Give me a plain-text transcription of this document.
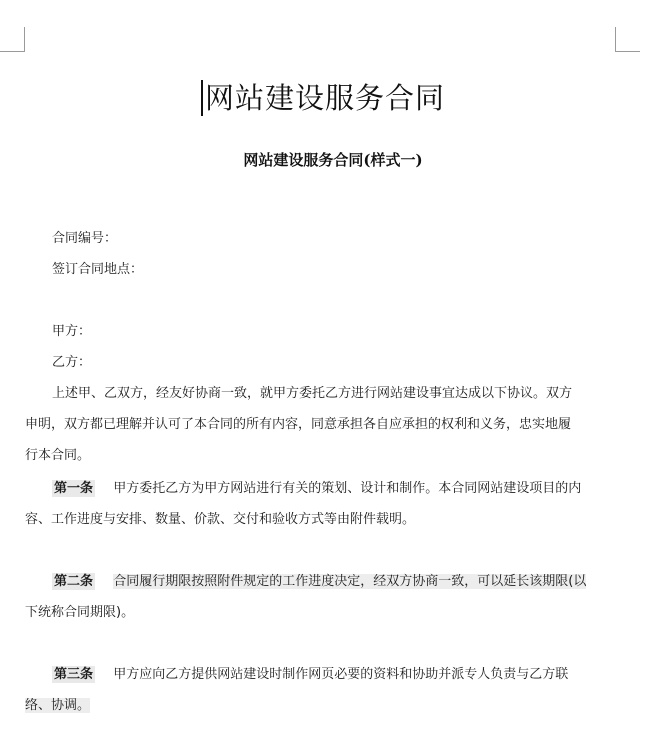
网站建设服务合同
网站建设服务合同(样式一)
合同编号：
签订合同地点：
甲方：
乙方：
上述甲、乙双方，经友好协商一致，就甲方委托乙方进行网站建设事宜达成以下协议。双方
申明，双方都已理解并认可了本合同的所有内容，同意承担各自应承担的权利和义务，忠实地履
行本合同。
第一条 甲方委托乙方为甲方网站进行有关的策划、设计和制作。本合同网站建设项目的内
容、工作进度与安排、数量、价款、交付和验收方式等由附件载明。
第二条 合同履行期限按照附件规定的工作进度决定，经双方协商一致，可以延长该期限(以
下统称合同期限)。
第三条 甲方应向乙方提供网站建设时制作网页必要的资料和协助并派专人负责与乙方联
络、协调。
